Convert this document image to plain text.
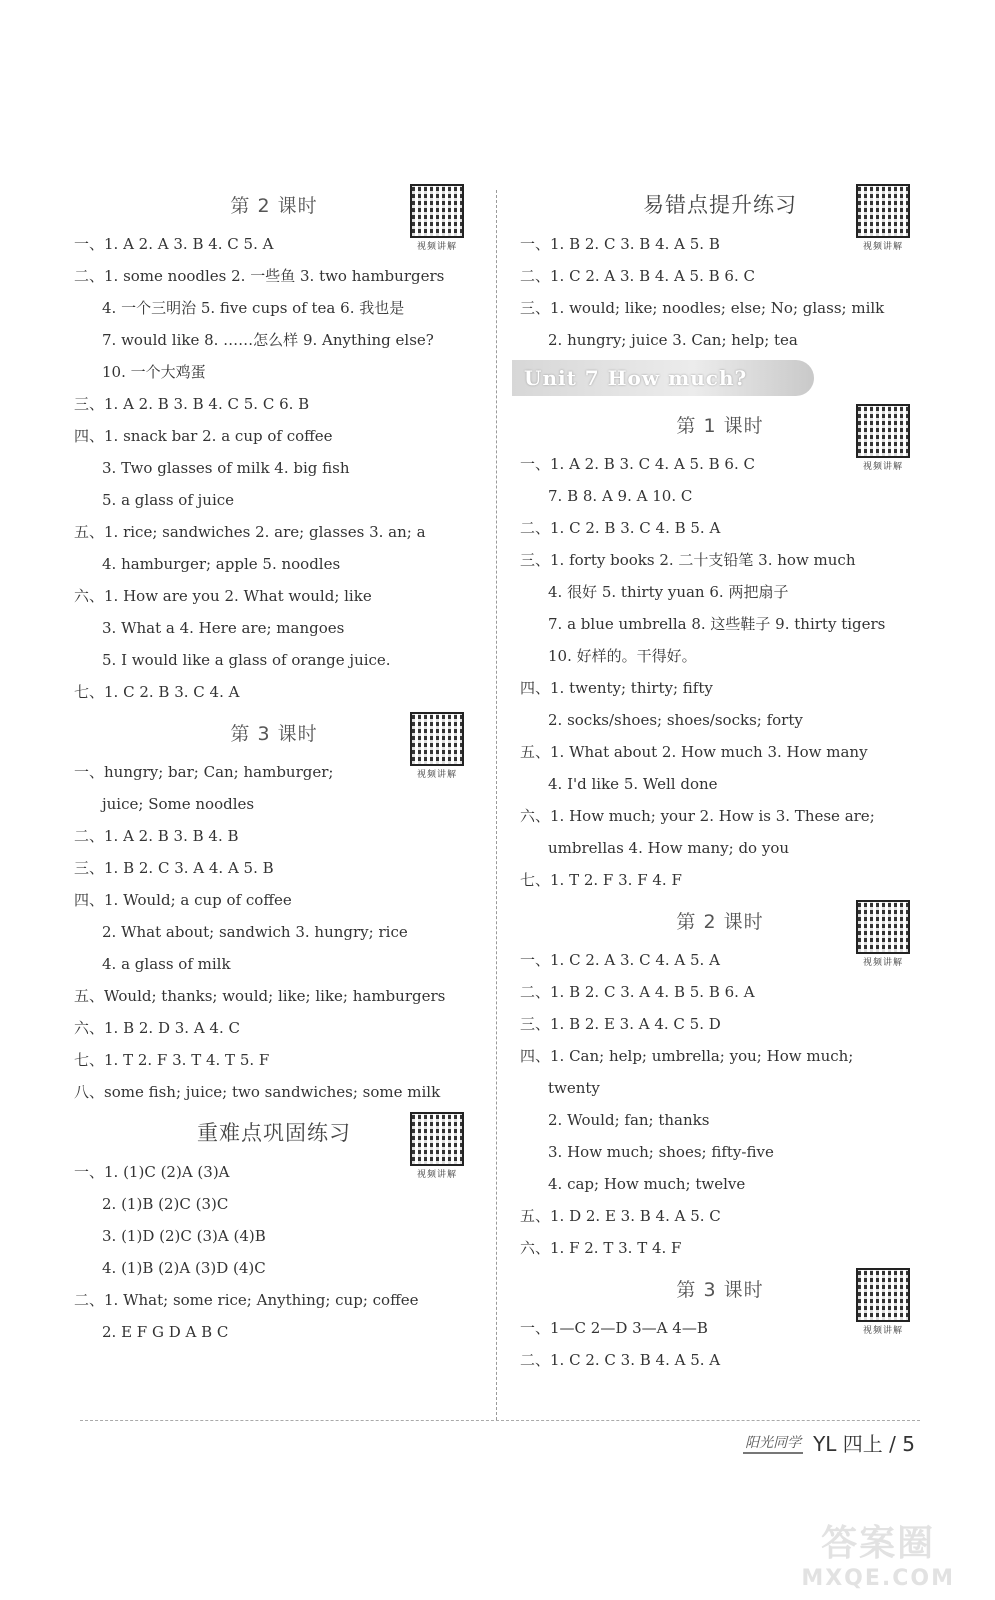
第 2 课时
视频讲解
一、1. A 2. A 3. B 4. C 5. A
二、1. some noodles 2. 一些鱼 3. two hamburgers
4. 一个三明治 5. five cups of tea 6. 我也是
7. would like 8. ……怎么样 9. Anything else?
10. 一个大鸡蛋
三、1. A 2. B 3. B 4. C 5. C 6. B
四、1. snack bar 2. a cup of coffee
3. Two glasses of milk 4. big fish
5. a glass of juice
五、1. rice; sandwiches 2. are; glasses 3. an; a
4. hamburger; apple 5. noodles
六、1. How are you 2. What would; like
3. What a 4. Here are; mangoes
5. I would like a glass of orange juice.
七、1. C 2. B 3. C 4. A
第 3 课时
视频讲解
一、hungry; bar; Can; hamburger;
juice; Some noodles
二、1. A 2. B 3. B 4. B
三、1. B 2. C 3. A 4. A 5. B
四、1. Would; a cup of coffee
2. What about; sandwich 3. hungry; rice
4. a glass of milk
五、Would; thanks; would; like; like; hamburgers
六、1. B 2. D 3. A 4. C
七、1. T 2. F 3. T 4. T 5. F
八、some fish; juice; two sandwiches; some milk
重难点巩固练习
视频讲解
一、1. (1)C (2)A (3)A
2. (1)B (2)C (3)C
3. (1)D (2)C (3)A (4)B
4. (1)B (2)A (3)D (4)C
二、1. What; some rice; Anything; cup; coffee
2. E F G D A B C
易错点提升练习
视频讲解
一、1. B 2. C 3. B 4. A 5. B
二、1. C 2. A 3. B 4. A 5. B 6. C
三、1. would; like; noodles; else; No; glass; milk
2. hungry; juice 3. Can; help; tea
Unit 7 How much?
第 1 课时
视频讲解
一、1. A 2. B 3. C 4. A 5. B 6. C
7. B 8. A 9. A 10. C
二、1. C 2. B 3. C 4. B 5. A
三、1. forty books 2. 二十支铅笔 3. how much
4. 很好 5. thirty yuan 6. 两把扇子
7. a blue umbrella 8. 这些鞋子 9. thirty tigers
10. 好样的。干得好。
四、1. twenty; thirty; fifty
2. socks/shoes; shoes/socks; forty
五、1. What about 2. How much 3. How many
4. I'd like 5. Well done
六、1. How much; your 2. How is 3. These are;
umbrellas 4. How many; do you
七、1. T 2. F 3. F 4. F
第 2 课时
视频讲解
一、1. C 2. A 3. C 4. A 5. A
二、1. B 2. C 3. A 4. B 5. B 6. A
三、1. B 2. E 3. A 4. C 5. D
四、1. Can; help; umbrella; you; How much;
twenty
2. Would; fan; thanks
3. How much; shoes; fifty-five
4. cap; How much; twelve
五、1. D 2. E 3. B 4. A 5. C
六、1. F 2. T 3. T 4. F
第 3 课时
视频讲解
一、1—C 2—D 3—A 4—B
二、1. C 2. C 3. B 4. A 5. A
阳光同学 YL 四上 / 5
答案圈
MXQE.COM
